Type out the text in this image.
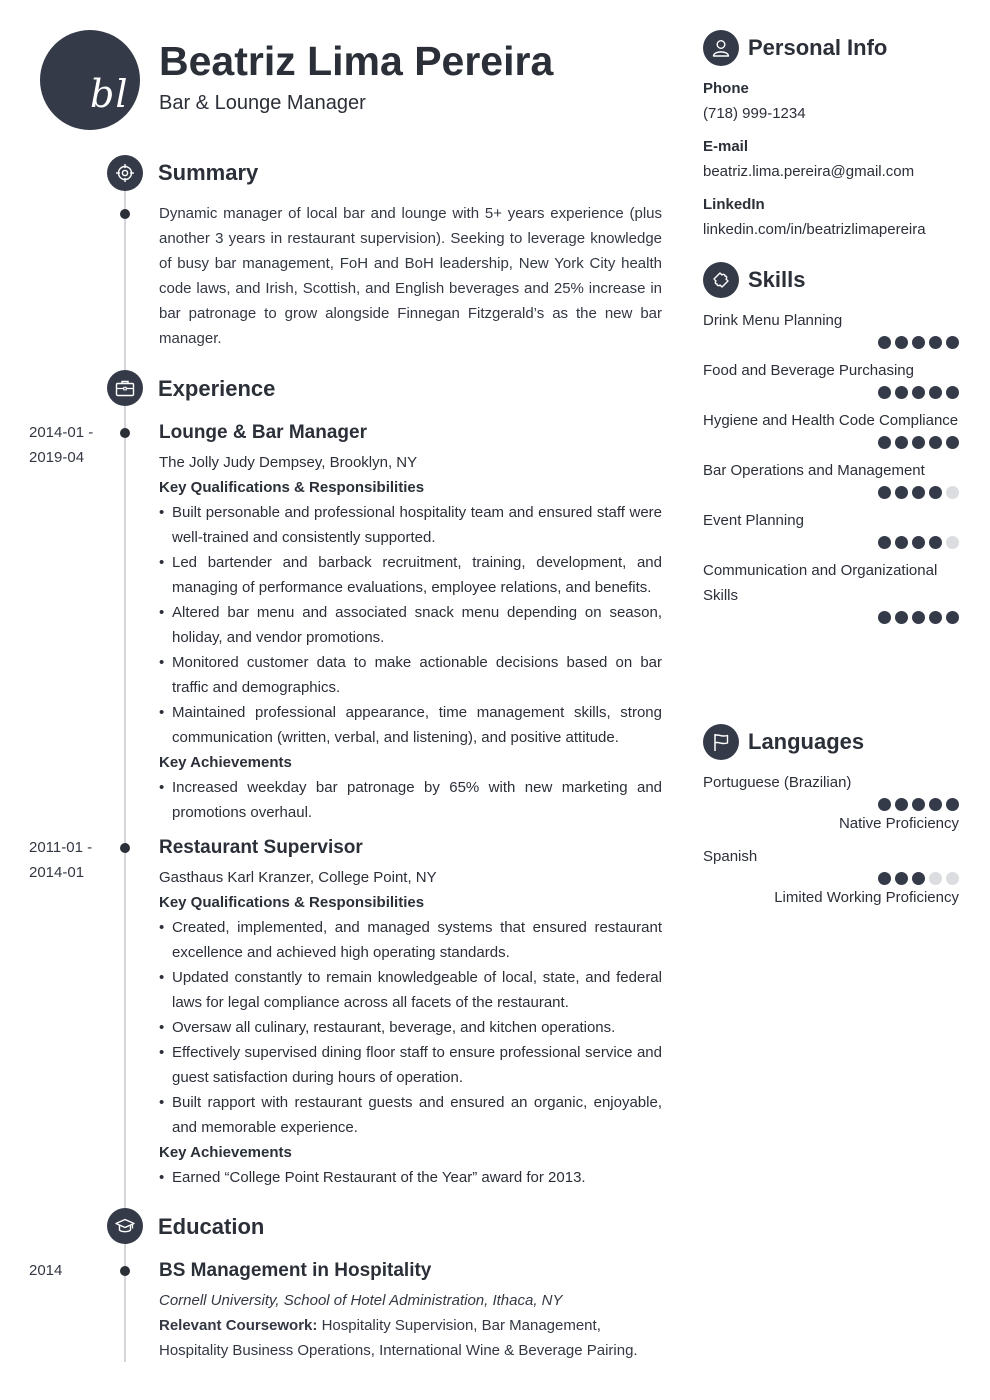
bl
Beatriz Lima Pereira
Bar & Lounge Manager
Summary
Dynamic manager of local bar and lounge with 5+ years experience (plus another 3 years in restaurant supervision). Seeking to leverage knowledge of busy bar management, FoH and BoH leadership, New York City health code laws, and Irish, Scottish, and English beverages and 25% increase in bar patronage to grow alongside Finnegan Fitzgerald’s as the new bar manager.
Experience
2014-01 -
2019-04
Lounge & Bar Manager
The Jolly Judy Dempsey, Brooklyn, NY
Key Qualifications & Responsibilities
• Built personable and professional hospitality team and ensured staff were well-trained and consistently supported.
• Led bartender and barback recruitment, training, development, and managing of performance evaluations, employee relations, and benefits.
• Altered bar menu and associated snack menu depending on season, holiday, and vendor promotions.
• Monitored customer data to make actionable decisions based on bar traffic and demographics.
• Maintained professional appearance, time management skills, strong communication (written, verbal, and listening), and positive attitude.
Key Achievements
• Increased weekday bar patronage by 65% with new marketing and promotions overhaul.
2011-01 -
2014-01
Restaurant Supervisor
Gasthaus Karl Kranzer, College Point, NY
Key Qualifications & Responsibilities
• Created, implemented, and managed systems that ensured restaurant excellence and achieved high operating standards.
• Updated constantly to remain knowledgeable of local, state, and federal laws for legal compliance across all facets of the restaurant.
• Oversaw all culinary, restaurant, beverage, and kitchen operations.
• Effectively supervised dining floor staff to ensure professional service and guest satisfaction during hours of operation.
• Built rapport with restaurant guests and ensured an organic, enjoyable, and memorable experience.
Key Achievements
• Earned “College Point Restaurant of the Year” award for 2013.
Education
2014	BS Management in Hospitality
Cornell University, School of Hotel Administration, Ithaca, NY
Relevant Coursework: Hospitality Supervision, Bar Management, Hospitality Business Operations, International Wine & Beverage Pairing.
Personal Info
Phone
(718) 999-1234
E-mail
beatriz.lima.pereira@gmail.com
LinkedIn
linkedin.com/in/beatrizlimapereira
Skills
Drink Menu Planning
Food and Beverage Purchasing
Hygiene and Health Code Compliance
Bar Operations and Management
Event Planning
Communication and Organizational Skills
Languages
Portuguese (Brazilian)
Native Proficiency
Spanish
Limited Working Proficiency
